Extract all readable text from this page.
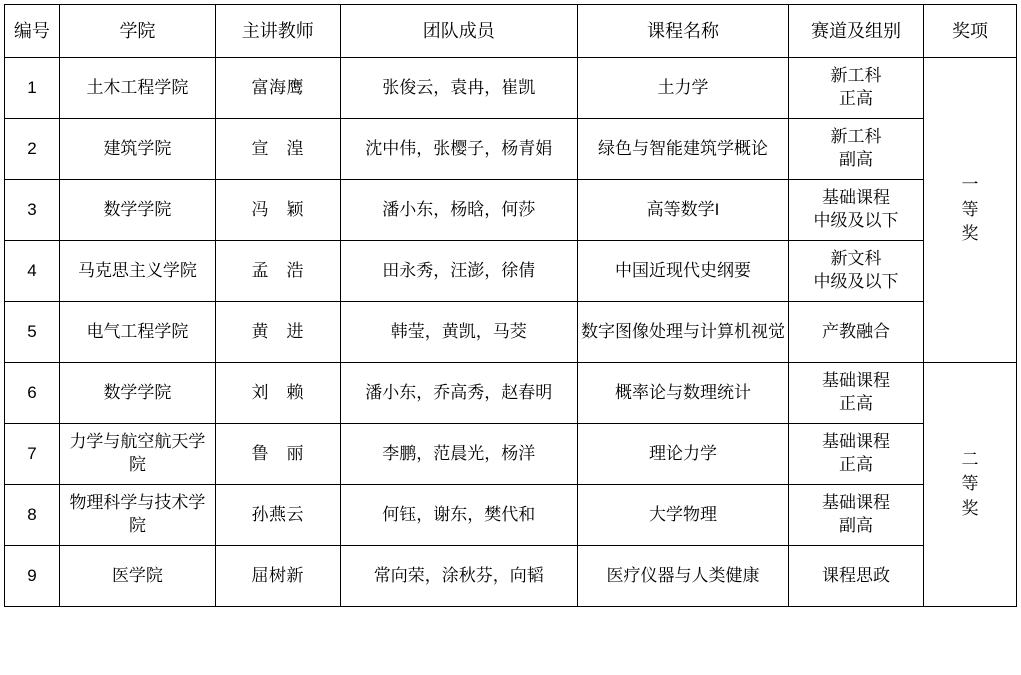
编号	学院	主讲教师	团队成员	课程名称	赛道及组别	奖项
1	土木工程学院	富海鹰	张俊云，袁冉，崔凯	土力学	新工科
正高	一等奖

2	建筑学院	宣　湟	沈中伟，张樱子，杨青娟	绿色与智能建筑学概论	新工科
副高	
3	数学学院	冯　颖	潘小东，杨晗，何莎	高等数学I	基础课程
中级及以下	
4	马克思主义学院	孟　浩	田永秀，汪澎，徐倩	中国近现代史纲要	新文科
中级及以下	
5	电气工程学院	黄　进	韩莹，黄凯，马茭	数字图像处理与计算机视觉	产教融合	
6	数学学院	刘　赖	潘小东，乔高秀，赵春明	概率论与数理统计	基础课程
正高	二等奖

7	力学与航空航天学院	鲁　丽	李鹏，范晨光，杨洋	理论力学	基础课程
正高	
8	物理科学与技术学院	孙燕云	何钰，谢东，樊代和	大学物理	基础课程
副高	
9	医学院	屈树新	常向荣，涂秋芬，向韬	医疗仪器与人类健康	课程思政	
